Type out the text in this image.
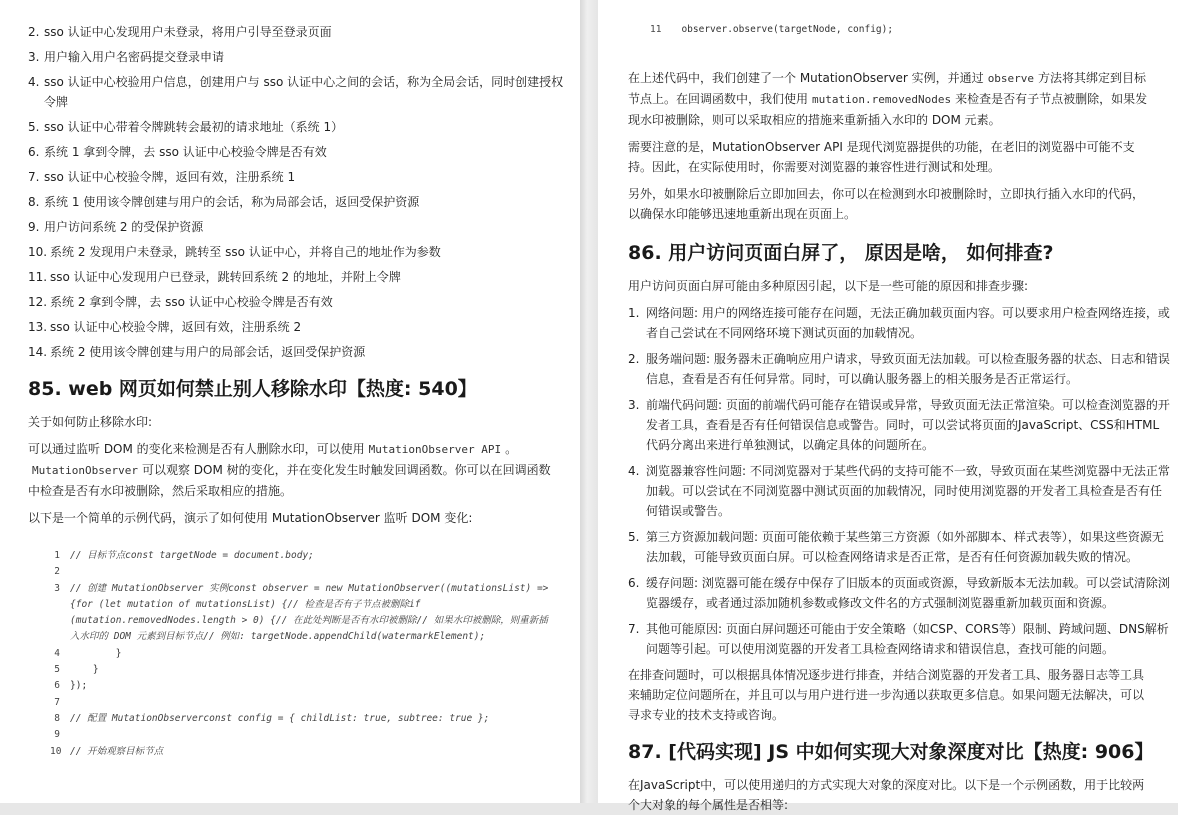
2. sso 认证中心发现用户未登录，将用户引导至登录页面
3. 用户输入用户名密码提交登录申请
4. sso 认证中心校验用户信息，创建用户与 sso 认证中心之间的会话，称为全局会话，同时创建授权令牌
5. sso 认证中心带着令牌跳转会最初的请求地址（系统 1）
6. 系统 1 拿到令牌，去 sso 认证中心校验令牌是否有效
7. sso 认证中心校验令牌，返回有效，注册系统 1
8. 系统 1 使用该令牌创建与用户的会话，称为局部会话，返回受保护资源
9. 用户访问系统 2 的受保护资源
10. 系统 2 发现用户未登录，跳转至 sso 认证中心，并将自己的地址作为参数
11. sso 认证中心发现用户已登录，跳转回系统 2 的地址，并附上令牌
12. 系统 2 拿到令牌，去 sso 认证中心校验令牌是否有效
13. sso 认证中心校验令牌，返回有效，注册系统 2
14. 系统 2 使用该令牌创建与用户的局部会话，返回受保护资源
85. web 网页如何禁止别人移除水印【热度: 540】

关于如何防止移除水印:

可以通过监听 DOM 的变化来检测是否有人删除水印，可以使用 MutationObserver API 。MutationObserver 可以观察 DOM 树的变化，并在变化发生时触发回调函数。你可以在回调函数中检查是否有水印被删除，然后采取相应的措施。

以下是一个简单的示例代码，演示了如何使用 MutationObserver 监听 DOM 变化:

1 // 目标节点const targetNode = document.body;
2

3 // 创建 MutationObserver 实例const observer = new MutationObserver((mutationsList) => {for (let mutation of mutationsList) {// 检查是否有子节点被删除if (mutation.removedNodes.length > 0) {// 在此处判断是否有水印被删除// 如果水印被删除，则重新插入水印的 DOM 元素到目标节点// 例如: targetNode.appendChild(watermarkElement);
4 }
5 }
6 });
7

8 // 配置 MutationObserverconst config = { childList: true, subtree: true };
9

10 // 开始观察目标节点
11 observer.observe(targetNode, config);

在上述代码中，我们创建了一个 MutationObserver 实例，并通过 observe 方法将其绑定到目标节点上。在回调函数中，我们使用 mutation.removedNodes 来检查是否有子节点被删除，如果发现水印被删除，则可以采取相应的措施来重新插入水印的 DOM 元素。

需要注意的是，MutationObserver API 是现代浏览器提供的功能，在老旧的浏览器中可能不支持。因此，在实际使用时，你需要对浏览器的兼容性进行测试和处理。

另外，如果水印被删除后立即加回去，你可以在检测到水印被删除时，立即执行插入水印的代码，以确保水印能够迅速地重新出现在页面上。

86. 用户访问页面白屏了， 原因是啥， 如何排查?

用户访问页面白屏可能由多种原因引起，以下是一些可能的原因和排查步骤:

1. 网络问题: 用户的网络连接可能存在问题，无法正确加载页面内容。可以要求用户检查网络连接，或者自己尝试在不同网络环境下测试页面的加载情况。
2. 服务端问题: 服务器未正确响应用户请求，导致页面无法加载。可以检查服务器的状态、日志和错误信息，查看是否有任何异常。同时，可以确认服务器上的相关服务是否正常运行。
3. 前端代码问题: 页面的前端代码可能存在错误或异常，导致页面无法正常渲染。可以检查浏览器的开发者工具，查看是否有任何错误信息或警告。同时，可以尝试将页面的JavaScript、CSS和HTML代码分离出来进行单独测试，以确定具体的问题所在。
4. 浏览器兼容性问题: 不同浏览器对于某些代码的支持可能不一致，导致页面在某些浏览器中无法正常加载。可以尝试在不同浏览器中测试页面的加载情况，同时使用浏览器的开发者工具检查是否有任何错误或警告。
5. 第三方资源加载问题: 页面可能依赖于某些第三方资源（如外部脚本、样式表等），如果这些资源无法加载，可能导致页面白屏。可以检查网络请求是否正常，是否有任何资源加载失败的情况。
6. 缓存问题: 浏览器可能在缓存中保存了旧版本的页面或资源，导致新版本无法加载。可以尝试清除浏览器缓存，或者通过添加随机参数或修改文件名的方式强制浏览器重新加载页面和资源。
7. 其他可能原因: 页面白屏问题还可能由于安全策略（如CSP、CORS等）限制、跨域问题、DNS解析问题等引起。可以使用浏览器的开发者工具检查网络请求和错误信息，查找可能的问题。

在排查问题时，可以根据具体情况逐步进行排查，并结合浏览器的开发者工具、服务器日志等工具来辅助定位问题所在，并且可以与用户进行进一步沟通以获取更多信息。如果问题无法解决，可以寻求专业的技术支持或咨询。

87. [代码实现] JS 中如何实现大对象深度对比【热度: 906】

在JavaScript中，可以使用递归的方式实现大对象的深度对比。以下是一个示例函数，用于比较两个大对象的每个属性是否相等:
